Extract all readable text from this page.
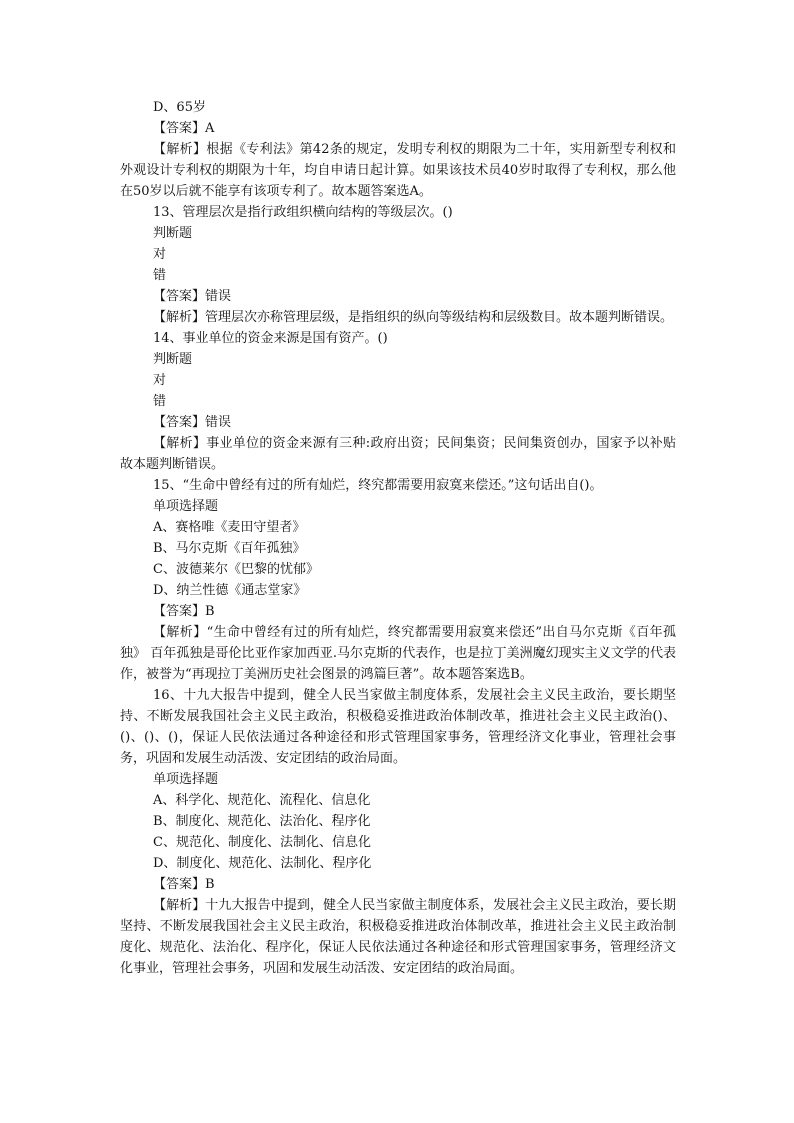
D、65岁

【答案】A

【解析】根据《专利法》第42条的规定，发明专利权的期限为二十年，实用新型专利权和外观设计专利权的期限为十年，均自申请日起计算。如果该技术员40岁时取得了专利权，那么他在50岁以后就不能享有该项专利了。故本题答案选A。

13、管理层次是指行政组织横向结构的等级层次。()

判断题

对

错

【答案】错误

【解析】管理层次亦称管理层级，是指组织的纵向等级结构和层级数目。故本题判断错误。

14、事业单位的资金来源是国有资产。()

判断题

对

错

【答案】错误

【解析】事业单位的资金来源有三种:政府出资；民间集资；民间集资创办，国家予以补贴故本题判断错误。

15、“生命中曾经有过的所有灿烂，终究都需要用寂寞来偿还。”这句话出自()。

单项选择题

A、赛格唯《麦田守望者》

B、马尔克斯《百年孤独》

C、波德莱尔《巴黎的忧郁》

D、纳兰性德《通志堂家》

【答案】B

【解析】“生命中曾经有过的所有灿烂，终究都需要用寂寞来偿还”出自马尔克斯《百年孤独》 百年孤独是哥伦比亚作家加西亚.马尔克斯的代表作，也是拉丁美洲魔幻现实主义文学的代表作，被誉为“再现拉丁美洲历史社会图景的鸿篇巨著”。故本题答案选B。

16、十九大报告中提到，健全人民当家做主制度体系，发展社会主义民主政治，要长期坚持、不断发展我国社会主义民主政治，积极稳妥推进政治体制改革，推进社会主义民主政治()、()、()、()，保证人民依法通过各种途径和形式管理国家事务，管理经济文化事业，管理社会事务，巩固和发展生动活泼、安定团结的政治局面。

单项选择题

A、科学化、规范化、流程化、信息化

B、制度化、规范化、法治化、程序化

C、规范化、制度化、法制化、信息化

D、制度化、规范化、法制化、程序化

【答案】B

【解析】十九大报告中提到，健全人民当家做主制度体系，发展社会主义民主政治，要长期坚持、不断发展我国社会主义民主政治，积极稳妥推进政治体制改革，推进社会主义民主政治制度化、规范化、法治化、程序化，保证人民依法通过各种途径和形式管理国家事务，管理经济文化事业，管理社会事务，巩固和发展生动活泼、安定团结的政治局面。
